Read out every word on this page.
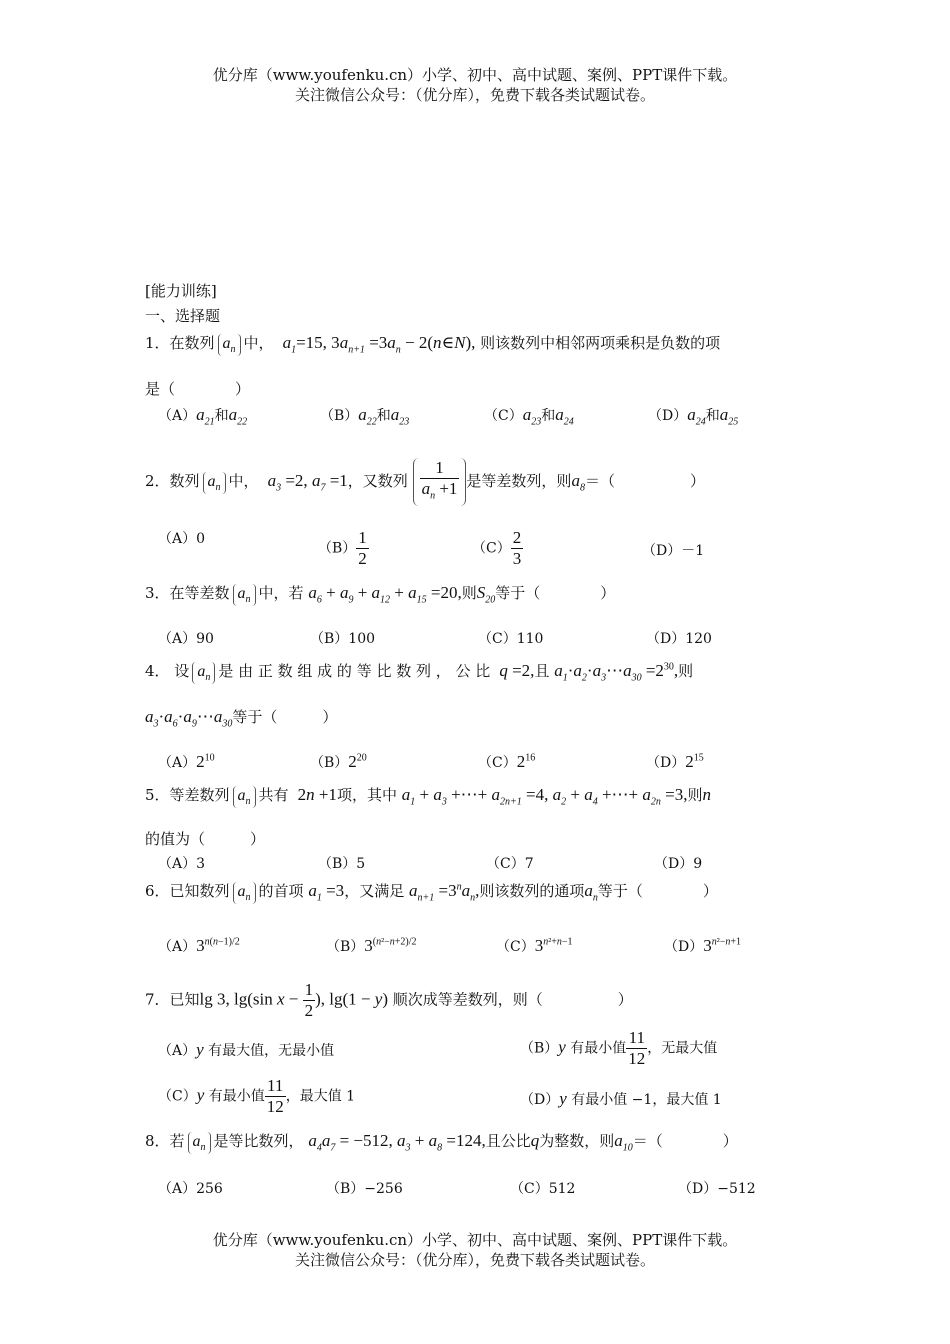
优分库（www.youfenku.cn）小学、初中、高中试题、案例、PPT课件下载。
关注微信公众号：（优分库），免费下载各类试题试卷。
[能力训练]
一、选择题
1．在数列 $a_n$ 中，  $a_1=15$, $3a_{n+1} =3a_n$ − 2(n∈N), 则该数列中相邻两项乘积是负数的项
是（　　　　）
$(A)a_{21}$和$a_{22}$	$(B)a_{22}$和$a_{23}$	$(C)a_{23}$和$a_{24}$	$(D)a_{24}$和$a_{25}$
2．数列 $a_n$ 中，  $a_3 =2$, $a_7 =1$，又数列 $\frac{1}{a_n +1}$ 是等差数列，则$a_8=$（　　　　　）
（A）0
$(B) \frac{1}{2}$	$(C) \frac{2}{3}$	（D）－1
3．在等差数 $a_n$ 中，若 $a_6 + a_9 + a_{12} + a_{15} =20$,则$S_{20}$等于（　　　　）
（A）90	（B）100	（C）110	（D）120
4． 设 $a_n$ 是 由 正 数 组 成 的 等 比 数 列 ， 公 比  q =2,且 $a_1\cdot a_2\cdot a_3\cdots a_{30} =2^{30}$,则
$a_3\cdot a_6\cdot a_9\cdots a_{30}$等于（　　　）
$(A)2^{10}$	$(B)2^{20}$	$(C)2^{16}$	$(D)2^{15}$
5．等差数列 $a_n$ 共有  2n +1项，其中 $a_1 + a_3$ +⋯+ $a_{2n+1} =4$, $a_2 + a_4$ +⋯+ $a_{2n} =3$,则n
的值为（　　　）
（A）3	（B）5	（C）7	（D）9
6．已知数列 $a_n$ 的首项 $a_1 =3$，又满足 $a_{n+1} =3^na_n$,则该数列的通项$a_n$等于（　　　　）
$(A)3^{n(n-1)/2}$	$(B)3^{(n^2-n+2)/2}$	$(C)3^{n^2+n-1}$	$(D)3^{n^2-n+1}$
7．已知lg 3, lg(sin $x - \frac{1}{2}$ ), lg(1 − y) 顺次成等差数列，则（　　　　　）
（A）y 有最大值，无最小值	（B）y 有最小值 $\frac{11}{12}$ ，无最大值
（C）y 有最小值 $\frac{11}{12}$ ，最大值 1	（D）y 有最小值 −1，最大值 1
8．若 $a_n$ 是等比数列， $a_4a_7 = -512$, $a_3 + a_8 =124$,且公比q为整数，则$a_{10}=$（　　　　）
（A）256	（B）−256	（C）512	（D）−512
优分库（www.youfenku.cn）小学、初中、高中试题、案例、PPT课件下载。
关注微信公众号：（优分库），免费下载各类试题试卷。
